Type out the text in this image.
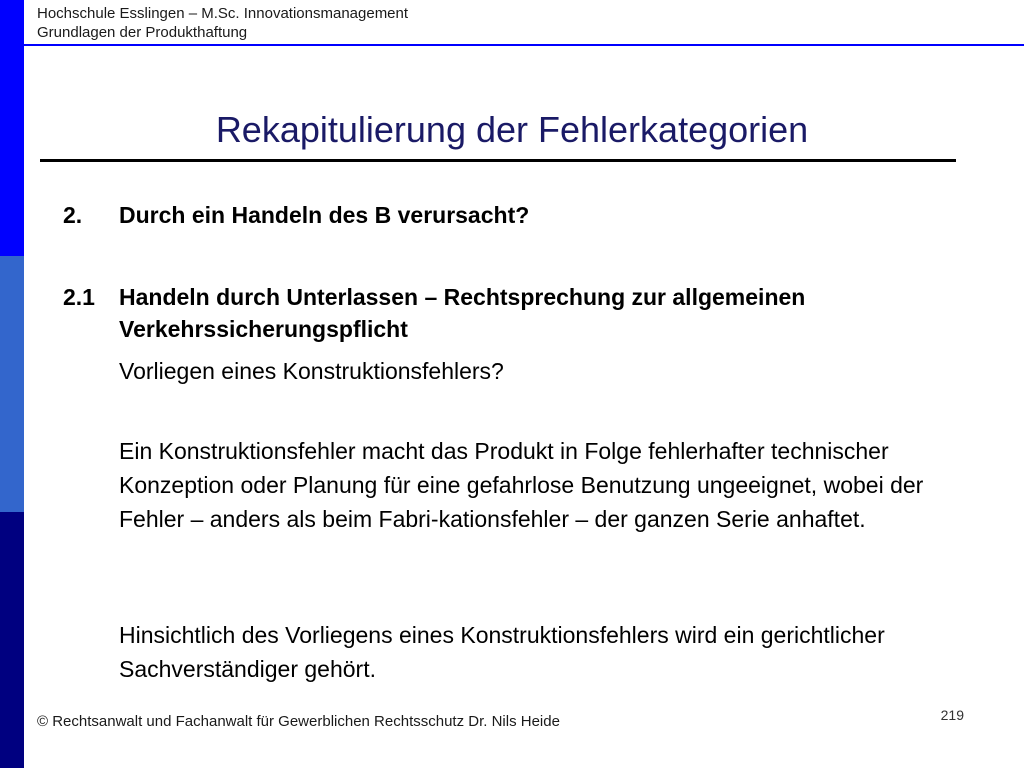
Hochschule Esslingen – M.Sc. Innovationsmanagement
Grundlagen der Produkthaftung
Rekapitulierung der Fehlerkategorien
2. Durch ein Handeln des B verursacht?
2.1 Handeln durch Unterlassen – Rechtsprechung zur allgemeinen Verkehrssicherungspflicht
Vorliegen eines Konstruktionsfehlers?
Ein Konstruktionsfehler macht das Produkt in Folge fehlerhafter technischer Konzeption oder Planung für eine gefahrlose Benutzung ungeeignet, wobei der Fehler – anders als beim Fabri-kationsfehler – der ganzen Serie anhaftet.
Hinsichtlich des Vorliegens eines Konstruktionsfehlers wird ein gerichtlicher Sachverständiger gehört.
© Rechtsanwalt und Fachanwalt für Gewerblichen Rechtsschutz Dr. Nils Heide	219
